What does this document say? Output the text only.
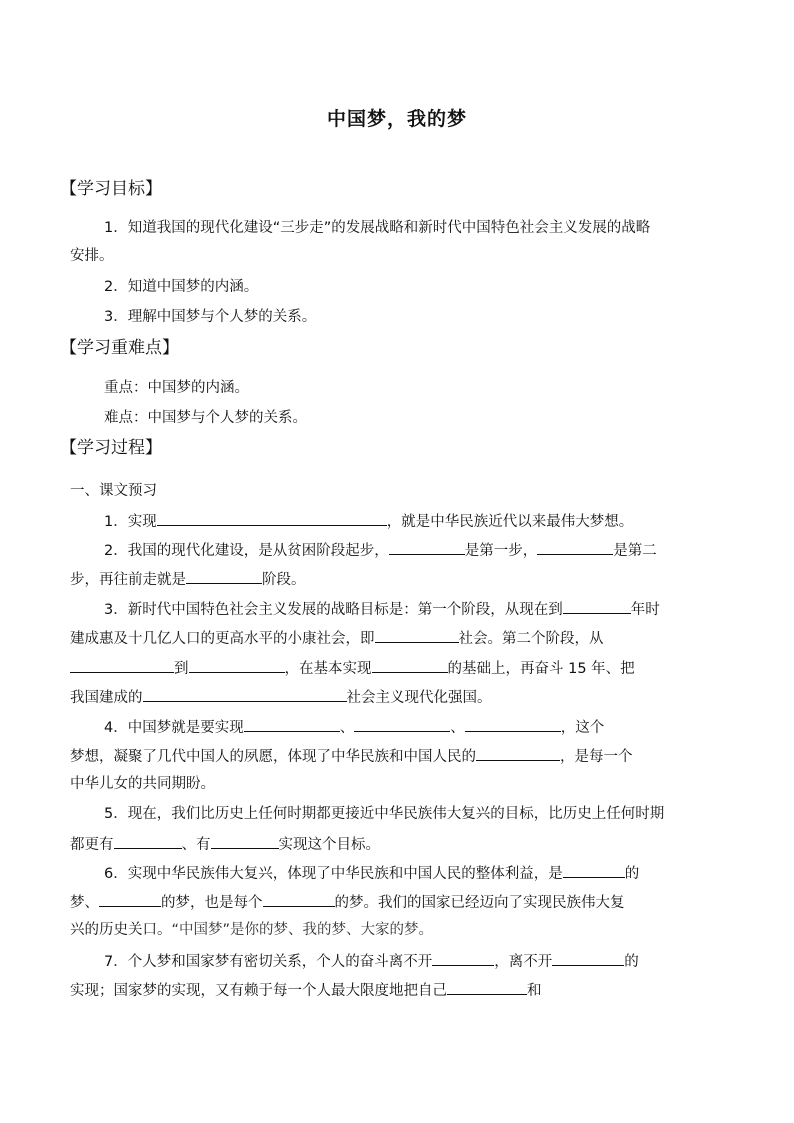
中国梦，我的梦
【学习目标】
1．知道我国的现代化建设“三步走”的发展战略和新时代中国特色社会主义发展的战略
安排。
2．知道中国梦的内涵。
3．理解中国梦与个人梦的关系。
【学习重难点】
重点：中国梦的内涵。
难点：中国梦与个人梦的关系。
【学习过程】
一、课文预习
1．实现	，就是中华民族近代以来最伟大梦想。
2．我国的现代化建设，是从贫困阶段起步，	是第一步，	是第二
步，再往前走就是	阶段。
3．新时代中国特色社会主义发展的战略目标是：第一个阶段，从现在到	年时
建成惠及十几亿人口的更高水平的小康社会，即	社会。第二个阶段，从
到	，在基本实现	的基础上，再奋斗 15 年、把
我国建成的	社会主义现代化强国。
4．中国梦就是要实现	、	、	，这个
梦想，凝聚了几代中国人的夙愿，体现了中华民族和中国人民的	，是每一个
中华儿女的共同期盼。
5．现在，我们比历史上任何时期都更接近中华民族伟大复兴的目标，比历史上任何时期
都更有	、有	实现这个目标。
6．实现中华民族伟大复兴，体现了中华民族和中国人民的整体利益，是	的
梦、	的梦，也是每个	的梦。我们的国家已经迈向了实现民族伟大复
兴的历史关口。“中国梦”是你的梦、我的梦、大家的梦。
7．个人梦和国家梦有密切关系，个人的奋斗离不开	，离不开	的
实现；国家梦的实现，又有赖于每一个人最大限度地把自己	和
